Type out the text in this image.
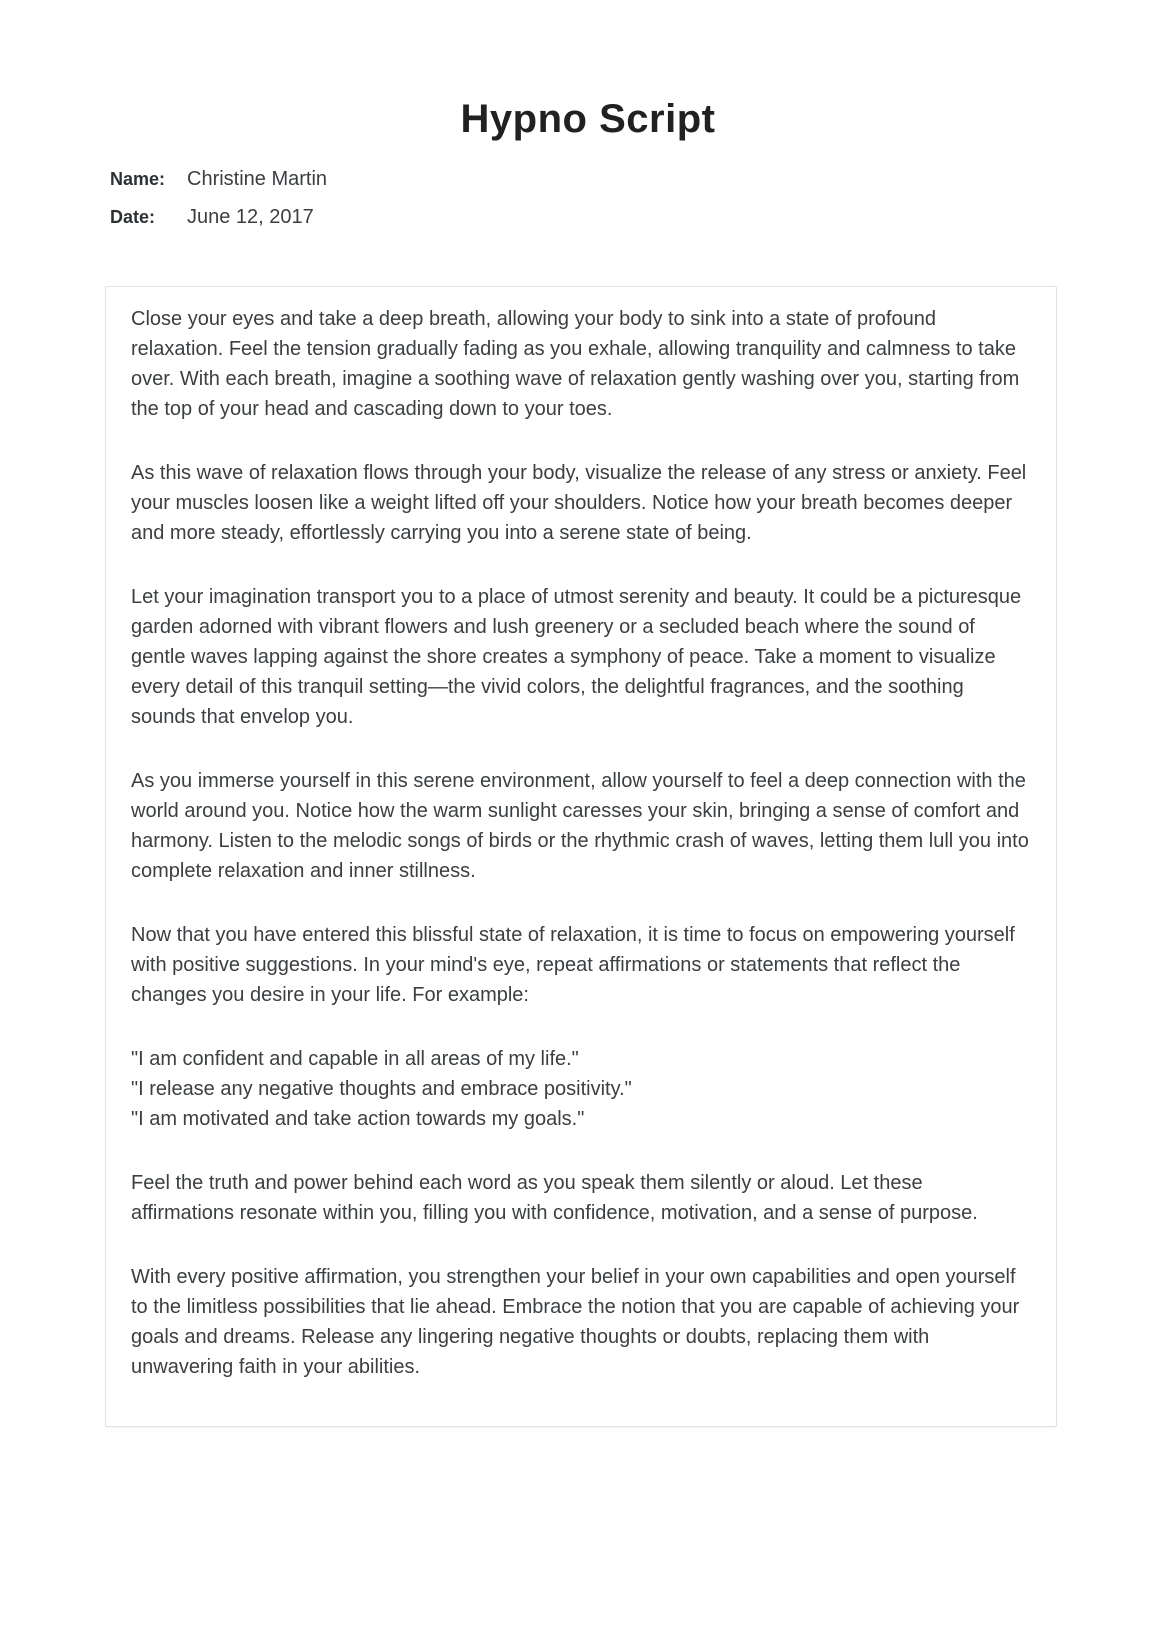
Hypno Script
Name:	Christine Martin
Date:	June 12, 2017

Close your eyes and take a deep breath, allowing your body to sink into a state of profound relaxation. Feel the tension gradually fading as you exhale, allowing tranquility and calmness to take over. With each breath, imagine a soothing wave of relaxation gently washing over you, starting from the top of your head and cascading down to your toes.

As this wave of relaxation flows through your body, visualize the release of any stress or anxiety. Feel your muscles loosen like a weight lifted off your shoulders. Notice how your breath becomes deeper and more steady, effortlessly carrying you into a serene state of being.

Let your imagination transport you to a place of utmost serenity and beauty. It could be a picturesque garden adorned with vibrant flowers and lush greenery or a secluded beach where the sound of gentle waves lapping against the shore creates a symphony of peace. Take a moment to visualize every detail of this tranquil setting—the vivid colors, the delightful fragrances, and the soothing sounds that envelop you.

As you immerse yourself in this serene environment, allow yourself to feel a deep connection with the world around you. Notice how the warm sunlight caresses your skin, bringing a sense of comfort and harmony. Listen to the melodic songs of birds or the rhythmic crash of waves, letting them lull you into complete relaxation and inner stillness.

Now that you have entered this blissful state of relaxation, it is time to focus on empowering yourself with positive suggestions. In your mind's eye, repeat affirmations or statements that reflect the changes you desire in your life. For example:

"I am confident and capable in all areas of my life."
"I release any negative thoughts and embrace positivity."
"I am motivated and take action towards my goals."

Feel the truth and power behind each word as you speak them silently or aloud. Let these affirmations resonate within you, filling you with confidence, motivation, and a sense of purpose.

With every positive affirmation, you strengthen your belief in your own capabilities and open yourself to the limitless possibilities that lie ahead. Embrace the notion that you are capable of achieving your goals and dreams. Release any lingering negative thoughts or doubts, replacing them with unwavering faith in your abilities.
